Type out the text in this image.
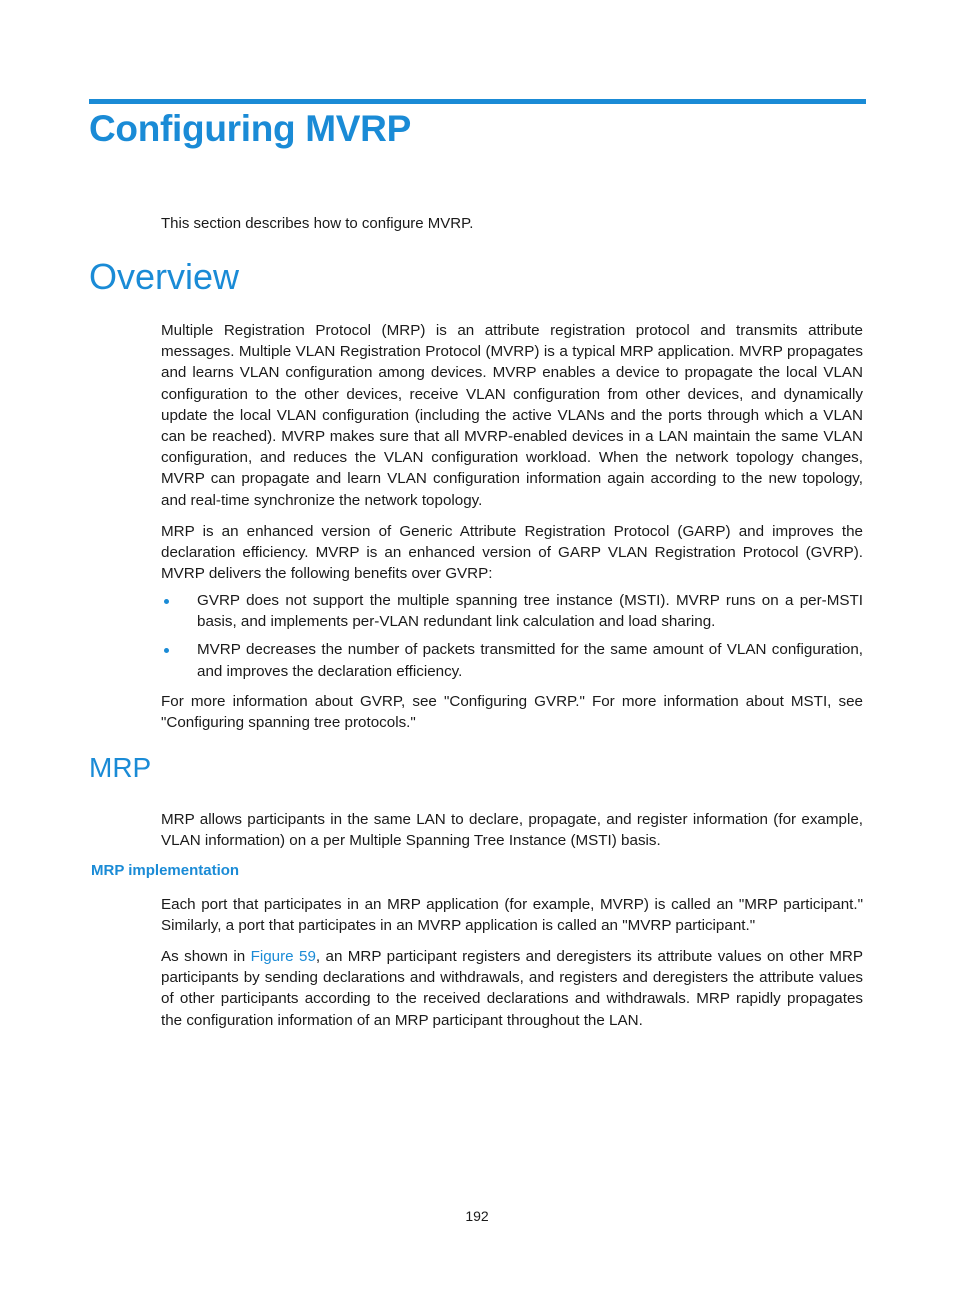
Configuring MVRP

This section describes how to configure MVRP.

Overview

Multiple Registration Protocol (MRP) is an attribute registration protocol and transmits attribute messages. Multiple VLAN Registration Protocol (MVRP) is a typical MRP application. MVRP propagates and learns VLAN configuration among devices. MVRP enables a device to propagate the local VLAN configuration to the other devices, receive VLAN configuration from other devices, and dynamically update the local VLAN configuration (including the active VLANs and the ports through which a VLAN can be reached). MVRP makes sure that all MVRP-enabled devices in a LAN maintain the same VLAN configuration, and reduces the VLAN configuration workload. When the network topology changes, MVRP can propagate and learn VLAN configuration information again according to the new topology, and real-time synchronize the network topology.

MRP is an enhanced version of Generic Attribute Registration Protocol (GARP) and improves the declaration efficiency. MVRP is an enhanced version of GARP VLAN Registration Protocol (GVRP). MVRP delivers the following benefits over GVRP:

GVRP does not support the multiple spanning tree instance (MSTI). MVRP runs on a per-MSTI basis, and implements per-VLAN redundant link calculation and load sharing.
MVRP decreases the number of packets transmitted for the same amount of VLAN configuration, and improves the declaration efficiency.

For more information about GVRP, see "Configuring GVRP." For more information about MSTI, see "Configuring spanning tree protocols."

MRP

MRP allows participants in the same LAN to declare, propagate, and register information (for example, VLAN information) on a per Multiple Spanning Tree Instance (MSTI) basis.

MRP implementation

Each port that participates in an MRP application (for example, MVRP) is called an "MRP participant." Similarly, a port that participates in an MVRP application is called an "MVRP participant."

As shown in Figure 59, an MRP participant registers and deregisters its attribute values on other MRP participants by sending declarations and withdrawals, and registers and deregisters the attribute values of other participants according to the received declarations and withdrawals. MRP rapidly propagates the configuration information of an MRP participant throughout the LAN.

192
